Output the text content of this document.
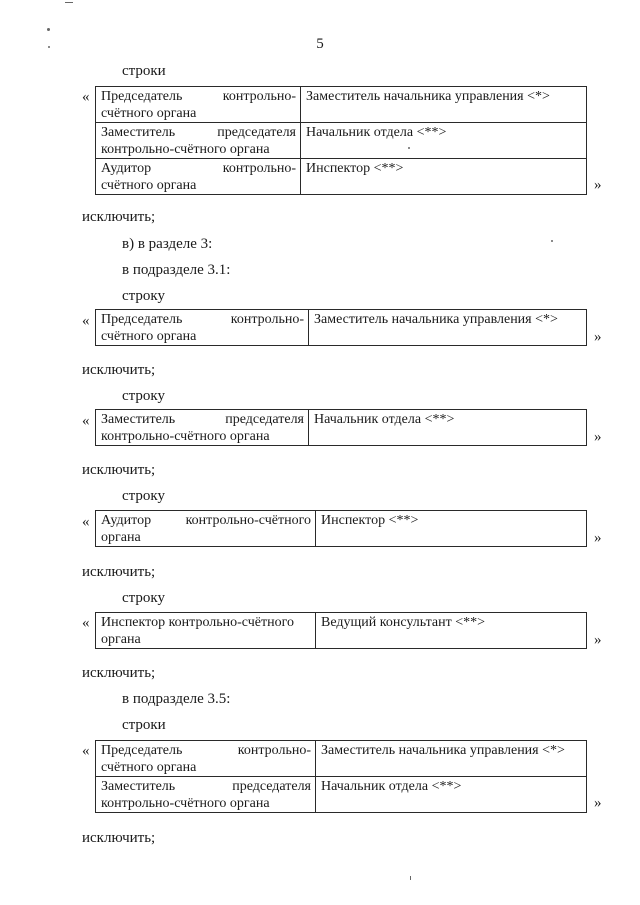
5
строки
« Председатель контрольно-
счётного органа	Заместитель начальника управления <*>
Заместитель председателя
контрольно-счётного органа	Начальник отдела <**>
Аудитор контрольно-
счётного органа	Инспектор <**>
»
исключить;
в) в разделе 3:
в подразделе 3.1:
строку
« Председатель контрольно-
счётного органа
	Заместитель начальника управления <*>
»
исключить;
строку
« Заместитель председателя
контрольно-счётного органа
	Начальник отдела <**>
»
исключить;
строку
« Аудитор контрольно-счётного
органа
	Инспектор <**>
»
исключить;
строку
« Инспектор контрольно-счётного
органа
	Ведущий консультант <**>
»
исключить;
в подразделе 3.5:
строки
« Председатель контрольно-
счётного органа	Заместитель начальника управления <*>
Заместитель председателя
контрольно-счётного органа	Начальник отдела <**>
»
исключить;
